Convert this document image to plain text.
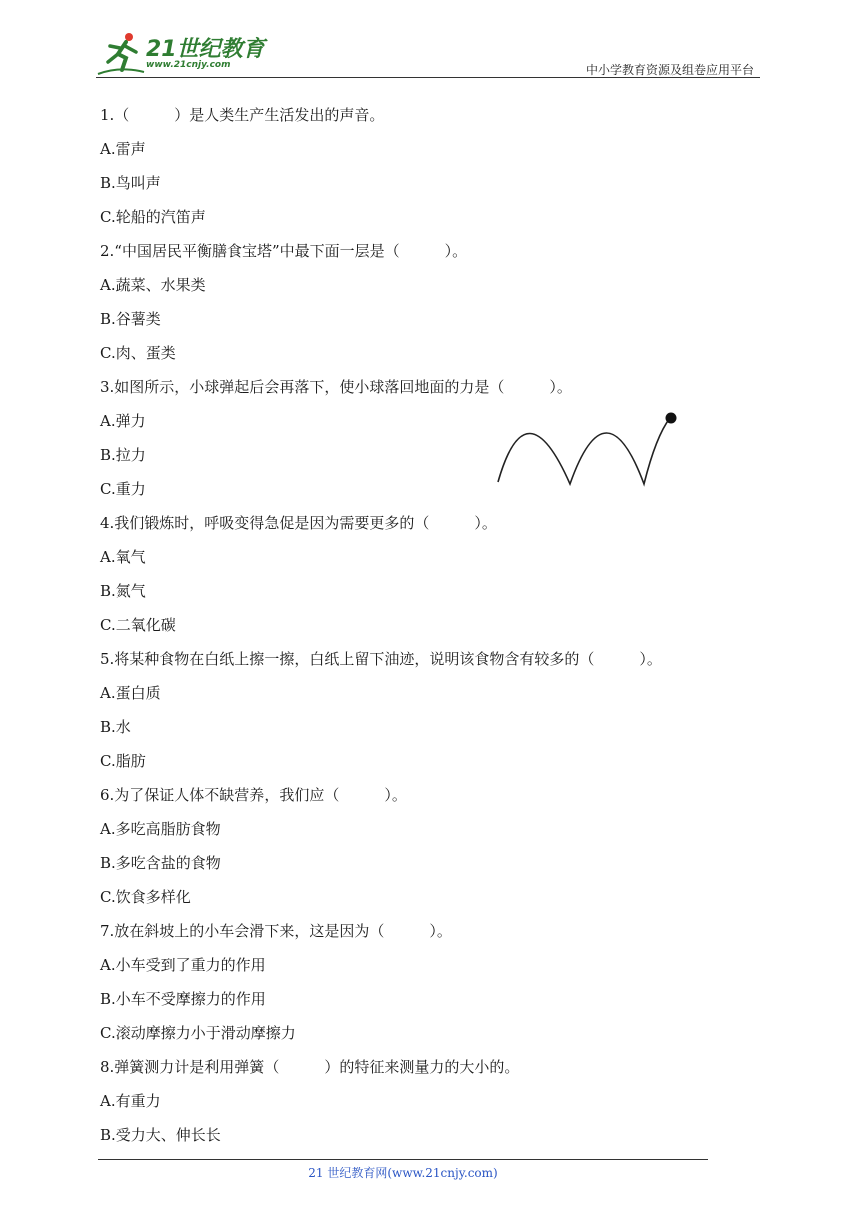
21世纪教育
www.21cnjy.com	中小学教育资源及组卷应用平台
1.（　　　）是人类生产生活发出的声音。
A.雷声
B.鸟叫声
C.轮船的汽笛声
2.“中国居民平衡膳食宝塔”中最下面一层是（　　　）。
A.蔬菜、水果类
B.谷薯类
C.肉、蛋类
3.如图所示，小球弹起后会再落下，使小球落回地面的力是（　　　）。
A.弹力
B.拉力
C.重力
4.我们锻炼时，呼吸变得急促是因为需要更多的（　　　）。
A.氧气
B.氮气
C.二氧化碳
5.将某种食物在白纸上擦一擦，白纸上留下油迹，说明该食物含有较多的（　　　）。
A.蛋白质
B.水
C.脂肪
6.为了保证人体不缺营养，我们应（　　　）。
A.多吃高脂肪食物
B.多吃含盐的食物
C.饮食多样化
7.放在斜坡上的小车会滑下来，这是因为（　　　）。
A.小车受到了重力的作用
B.小车不受摩擦力的作用
C.滚动摩擦力小于滑动摩擦力
8.弹簧测力计是利用弹簧（　　　）的特征来测量力的大小的。
A.有重力
B.受力大、伸长长
21 世纪教育网(www.21cnjy.com)
